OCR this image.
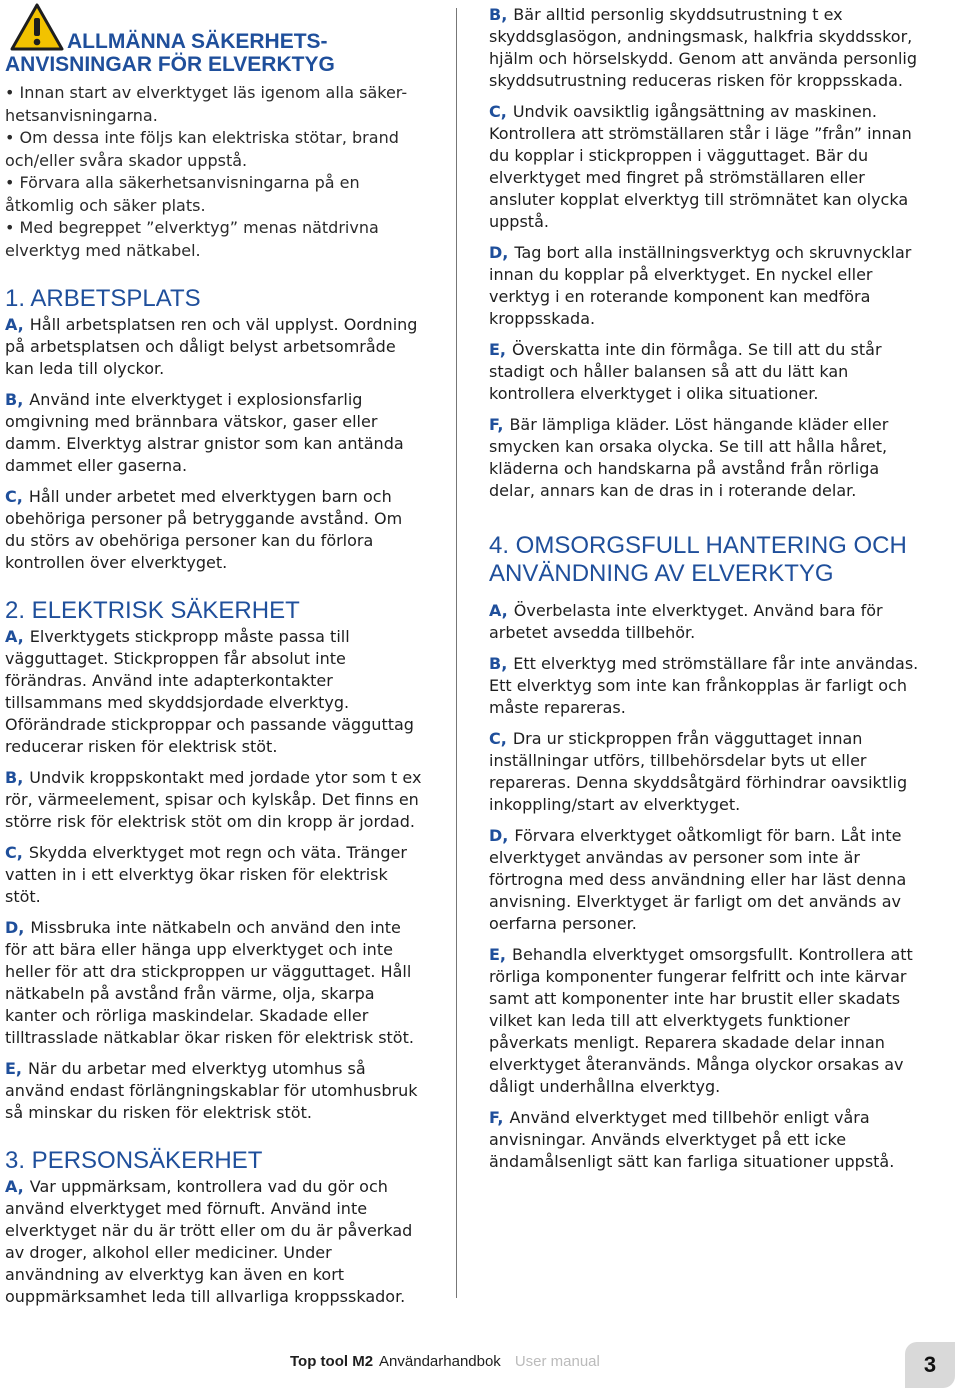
ALLMÄNNA SÄKERHETS-
ANVISNINGAR FÖR ELVERKTYG

• Innan start av elverktyget läs igenom alla säker-hetsanvisningarna.

• Om dessa inte följs kan elektriska stötar, brand och/eller svåra skador uppstå.

• Förvara alla säkerhetsanvisningarna på en åtkomlig och säker plats.

• Med begreppet ”elverktyg” menas nätdrivna elverktyg med nätkabel.

1. ARBETSPLATS

A, Håll arbetsplatsen ren och väl upplyst. Oordning på arbetsplatsen och dåligt belyst arbetsområde kan leda till olyckor.

B, Använd inte elverktyget i explosionsfarlig omgivning med brännbara vätskor, gaser eller damm. Elverktyg alstrar gnistor som kan antända dammet eller gaserna.

C, Håll under arbetet med elverktygen barn och obehöriga personer på betryggande avstånd. Om du störs av obehöriga personer kan du förlora kontrollen över elverktyget.

2. ELEKTRISK SÄKERHET

A, Elverktygets stickpropp måste passa till vägguttaget. Stickproppen får absolut inte förändras. Använd inte adapterkontakter tillsammans med skyddsjordade elverktyg. Oförändrade stickproppar och passande vägguttag reducerar risken för elektrisk stöt.

B, Undvik kroppskontakt med jordade ytor som t ex rör, värmeelement, spisar och kylskåp. Det finns en större risk för elektrisk stöt om din kropp är jordad.

C, Skydda elverktyget mot regn och väta. Tränger vatten in i ett elverktyg ökar risken för elektrisk stöt.

D, Missbruka inte nätkabeln och använd den inte för att bära eller hänga upp elverktyget och inte heller för att dra stickproppen ur vägguttaget. Håll nätkabeln på avstånd från värme, olja, skarpa kanter och rörliga maskindelar. Skadade eller tilltrasslade nätkablar ökar risken för elektrisk stöt.

E, När du arbetar med elverktyg utomhus så använd endast förlängningskablar för utomhusbruk så minskar du risken för elektrisk stöt.

3. PERSONSÄKERHET

A, Var uppmärksam, kontrollera vad du gör och använd elverktyget med förnuft. Använd inte elverktyget när du är trött eller om du är påverkad av droger, alkohol eller mediciner. Under användning av elverktyg kan även en kort ouppmärksamhet leda till allvarliga kroppsskador.

B, Bär alltid personlig skyddsutrustning t ex skyddsglasögon, andningsmask, halkfria skyddsskor, hjälm och hörselskydd. Genom att använda personlig skyddsutrustning reduceras risken för kroppsskada.

C, Undvik oavsiktlig igångsättning av maskinen. Kontrollera att strömställaren står i läge ”från” innan du kopplar i stickproppen i vägguttaget. Bär du elverktyget med fingret på strömställaren eller ansluter kopplat elverktyg till strömnätet kan olycka uppstå.

D, Tag bort alla inställningsverktyg och skruvnycklar innan du kopplar på elverktyget. En nyckel eller verktyg i en roterande komponent kan medföra kroppsskada.

E, Överskatta inte din förmåga. Se till att du står stadigt och håller balansen så att du lätt kan kontrollera elverktyget i olika situationer.

F, Bär lämpliga kläder. Löst hängande kläder eller smycken kan orsaka olycka. Se till att hålla håret, kläderna och handskarna på avstånd från rörliga delar, annars kan de dras in i roterande delar.

4. OMSORGSFULL HANTERING OCH ANVÄNDNING AV ELVERKTYG

A, Överbelasta inte elverktyget. Använd bara för arbetet avsedda tillbehör.

B, Ett elverktyg med strömställare får inte användas. Ett elverktyg som inte kan frånkopplas är farligt och måste repareras.

C, Dra ur stickproppen från vägguttaget innan inställningar utförs, tillbehörsdelar byts ut eller repareras. Denna skyddsåtgärd förhindrar oavsiktlig inkoppling/start av elverktyget.

D, Förvara elverktyget oåtkomligt för barn. Låt inte elverktyget användas av personer som inte är förtrogna med dess användning eller har läst denna anvisning. Elverktyget är farligt om det används av oerfarna personer.

E, Behandla elverktyget omsorgsfullt. Kontrollera att rörliga komponenter fungerar felfritt och inte kärvar samt att komponenter inte har brustit eller skadats vilket kan leda till att elverktygets funktioner påverkats menligt. Reparera skadade delar innan elverktyget återanvänds. Många olyckor orsakas av dåligt underhållna elverktyg.

F, Använd elverktyget med tillbehör enligt våra anvisningar. Används elverktyget på ett icke ändamålsenligt sätt kan farliga situationer uppstå.

Top tool M2 Användarhandbok User manual	3
